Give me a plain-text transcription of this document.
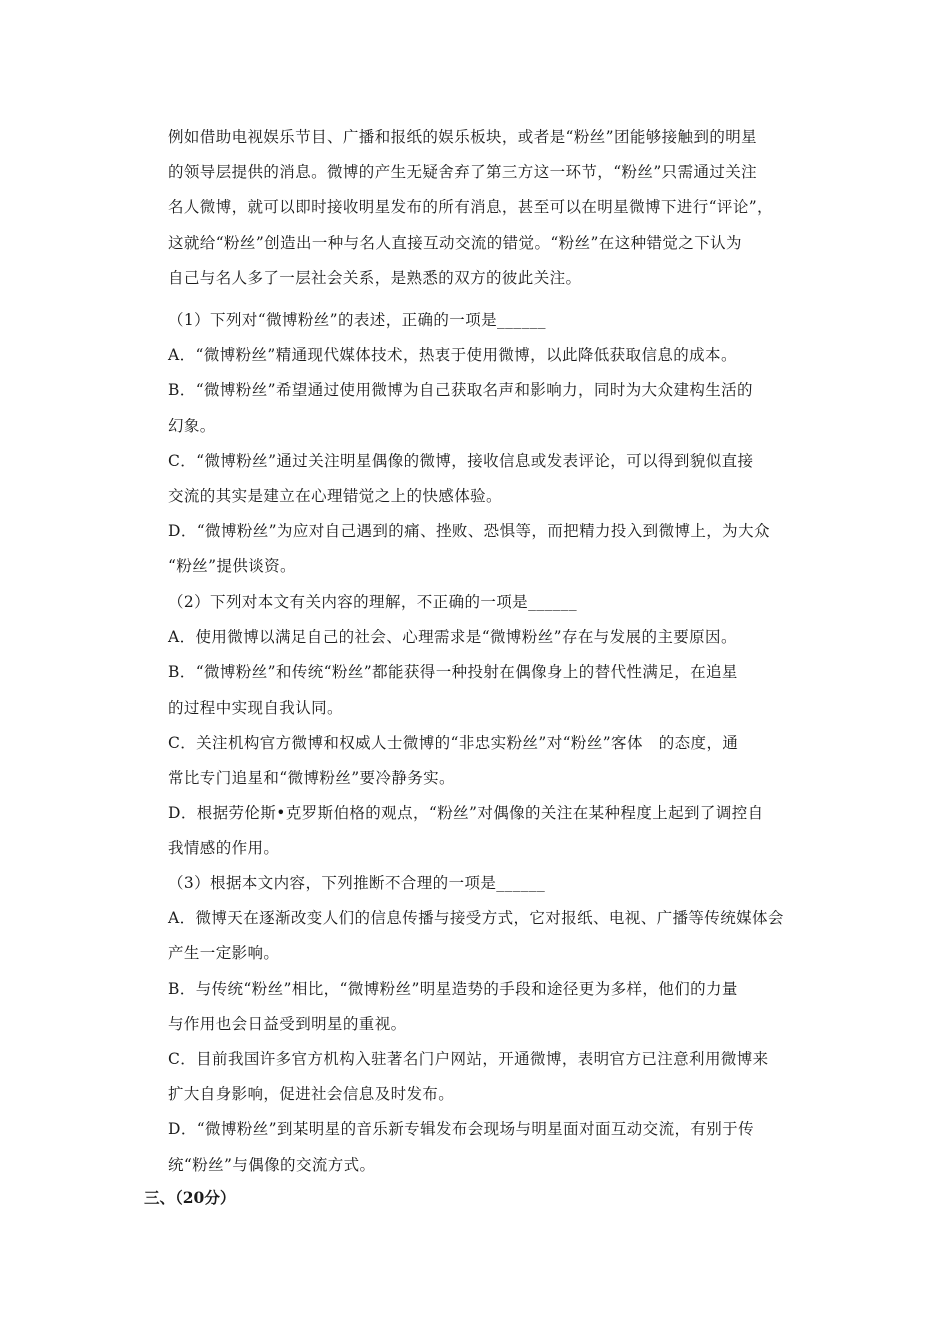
例如借助电视娱乐节目、广播和报纸的娱乐板块，或者是“粉丝”团能够接触到的明星
的领导层提供的消息。微博的产生无疑舍弃了第三方这一环节，“粉丝”只需通过关注
名人微博，就可以即时接收明星发布的所有消息，甚至可以在明星微博下进行“评论”，
这就给“粉丝”创造出一种与名人直接互动交流的错觉。“粉丝”在这种错觉之下认为
自己与名人多了一层社会关系，是熟悉的双方的彼此关注。
（1）下列对“微博粉丝”的表述，正确的一项是______
A．“微博粉丝”精通现代媒体技术，热衷于使用微博，以此降低获取信息的成本。
B．“微博粉丝”希望通过使用微博为自己获取名声和影响力，同时为大众建构生活的
幻象。
C．“微博粉丝”通过关注明星偶像的微博，接收信息或发表评论，可以得到貌似直接
交流的其实是建立在心理错觉之上的快感体验。
D．“微博粉丝”为应对自己遇到的痛、挫败、恐惧等，而把精力投入到微博上，为大众
“粉丝”提供谈资。
（2）下列对本文有关内容的理解，不正确的一项是______
A．使用微博以满足自己的社会、心理需求是“微博粉丝”存在与发展的主要原因。
B．“微博粉丝”和传统“粉丝”都能获得一种投射在偶像身上的替代性满足，在追星
的过程中实现自我认同。
C．关注机构官方微博和权威人士微博的“非忠实粉丝”对“粉丝”客体　的态度，通
常比专门追星和“微博粉丝”要冷静务实。
D．根据劳伦斯•克罗斯伯格的观点，“粉丝”对偶像的关注在某种程度上起到了调控自
我情感的作用。
（3）根据本文内容，下列推断不合理的一项是______
A．微博天在逐渐改变人们的信息传播与接受方式，它对报纸、电视、广播等传统媒体会
产生一定影响。
B．与传统“粉丝”相比，“微博粉丝”明星造势的手段和途径更为多样，他们的力量
与作用也会日益受到明星的重视。
C．目前我国许多官方机构入驻著名门户网站，开通微博，表明官方已注意利用微博来
扩大自身影响，促进社会信息及时发布。
D．“微博粉丝”到某明星的音乐新专辑发布会现场与明星面对面互动交流，有别于传
统“粉丝”与偶像的交流方式。
三、（20分）
